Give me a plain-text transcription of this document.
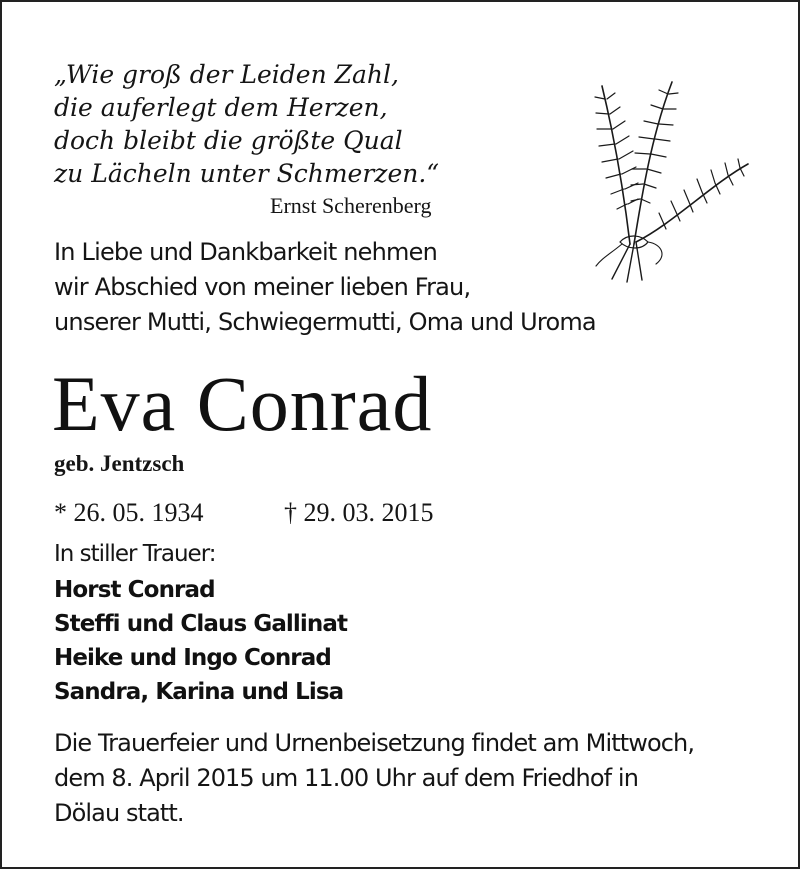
„Wie groß der Leiden Zahl,
die auferlegt dem Herzen,
doch bleibt die größte Qual
zu Lächeln unter Schmerzen.“
Ernst Scherenberg
In Liebe und Dankbarkeit nehmen
wir Abschied von meiner lieben Frau,
unserer Mutti, Schwiegermutti, Oma und Uroma
Eva Conrad
geb. Jentzsch
* 26. 05. 1934	† 29. 03. 2015
In stiller Trauer:
Horst Conrad
Steffi und Claus Gallinat
Heike und Ingo Conrad
Sandra, Karina und Lisa
Die Trauerfeier und Urnenbeisetzung findet am Mittwoch,
dem 8. April 2015 um 11.00 Uhr auf dem Friedhof in
Dölau statt.
